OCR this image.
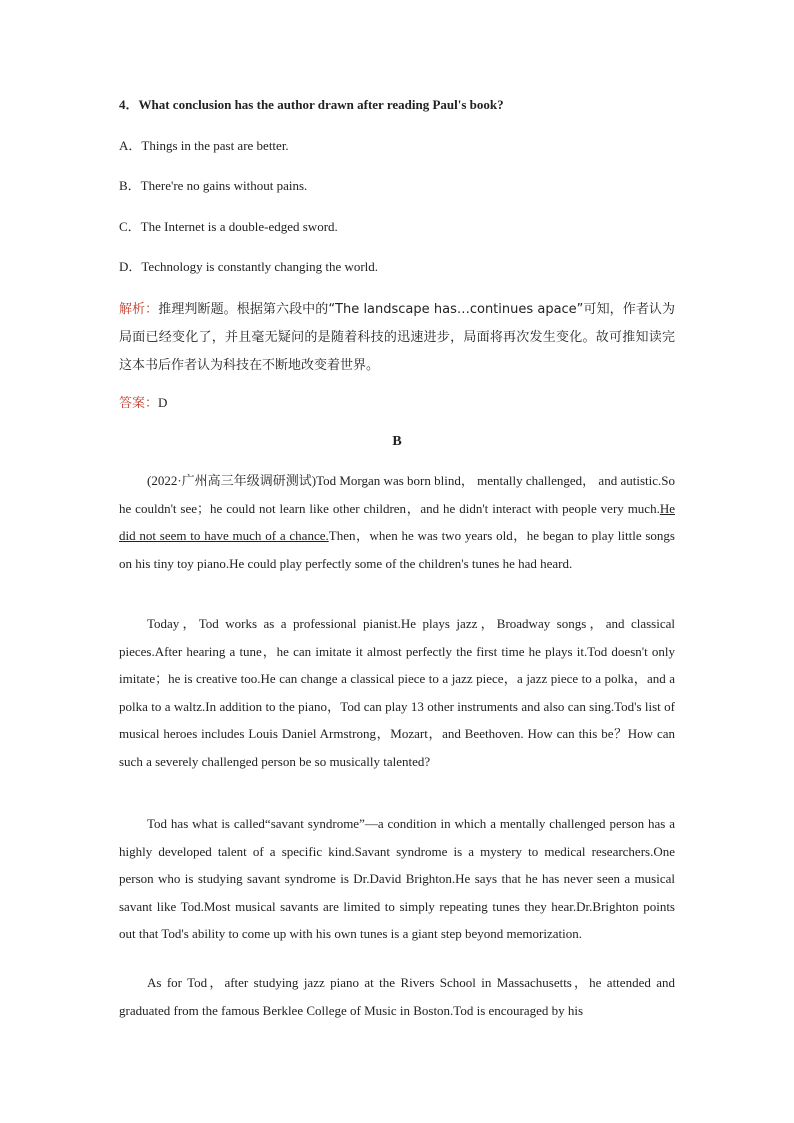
4．What conclusion has the author drawn after reading Paul's book?
A．Things in the past are better.
B．There're no gains without pains.
C．The Internet is a double-edged sword.
D．Technology is constantly changing the world.
解析：推理判断题。根据第六段中的“The landscape has…continues apace”可知，作者认为局面已经变化了，并且毫无疑问的是随着科技的迅速进步，局面将再次发生变化。故可推知读完这本书后作者认为科技在不断地改变着世界。
答案：D
B

(2022·广州高三年级调研测试)Tod Morgan was born blind， mentally challenged， and autistic.So he couldn't see；he could not learn like other children，and he didn't interact with people very much.He did not seem to have much of a chance.Then，when he was two years old，he began to play little songs on his tiny toy piano.He could play perfectly some of the children's tunes he had heard.

Today，Tod works as a professional pianist.He plays jazz，Broadway songs，and classical pieces.After hearing a tune，he can imitate it almost perfectly the first time he plays it.Tod doesn't only imitate；he is creative too.He can change a classical piece to a jazz piece，a jazz piece to a polka，and a polka to a waltz.In addition to the piano，Tod can play 13 other instruments and also can sing.Tod's list of musical heroes includes Louis Daniel Armstrong，Mozart，and Beethoven. How can this be？How can such a severely challenged person be so musically talented?

Tod has what is called“savant syndrome”—a condition in which a mentally challenged person has a highly developed talent of a specific kind.Savant syndrome is a mystery to medical researchers.One person who is studying savant syndrome is Dr.David Brighton.He says that he has never seen a musical savant like Tod.Most musical savants are limited to simply repeating tunes they hear.Dr.Brighton points out that Tod's ability to come up with his own tunes is a giant step beyond memorization.

As for Tod，after studying jazz piano at the Rivers School in Massachusetts，he attended and graduated from the famous Berklee College of Music in Boston.Tod is encouraged by his
